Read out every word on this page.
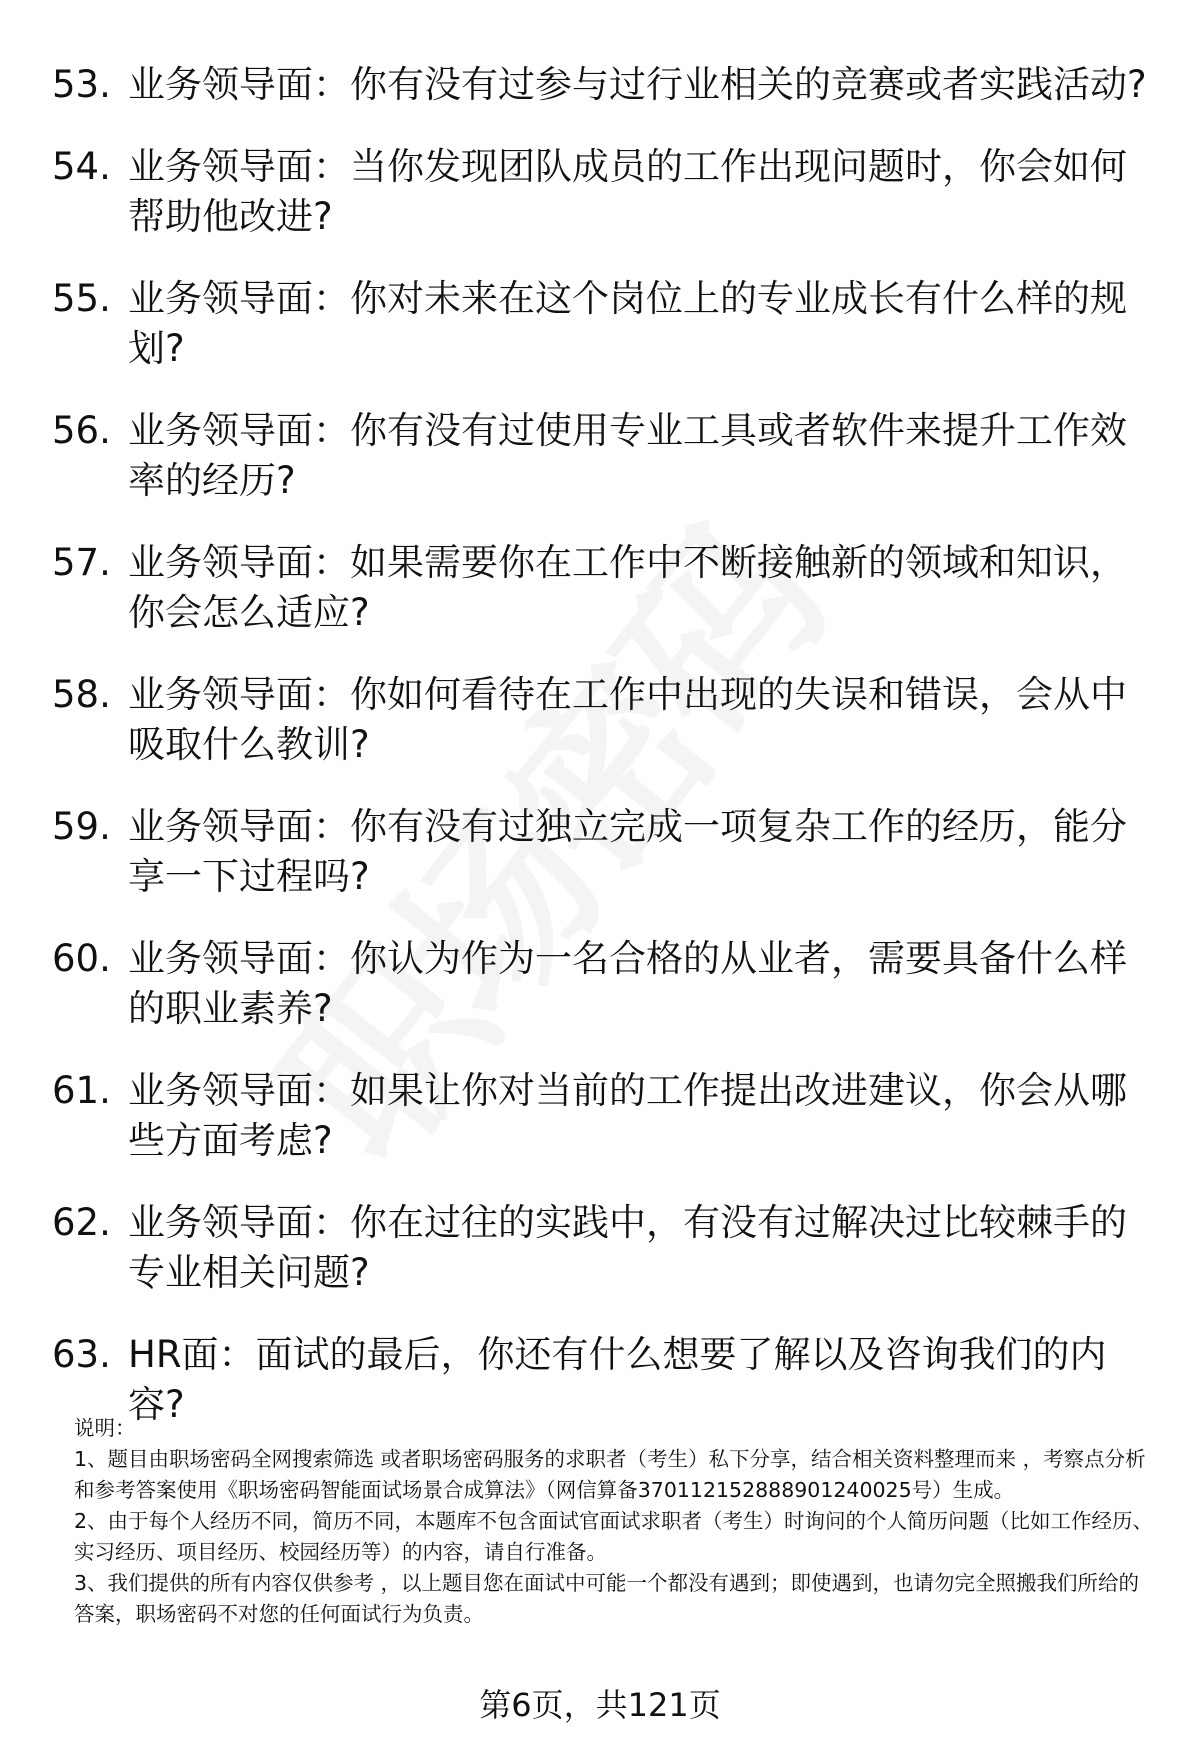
53. 业务领导面：你有没有过参与过行业相关的竞赛或者实践活动?
54. 业务领导面：当你发现团队成员的工作出现问题时，你会如何帮助他改进?
55. 业务领导面：你对未来在这个岗位上的专业成长有什么样的规划?
56. 业务领导面：你有没有过使用专业工具或者软件来提升工作效率的经历?
57. 业务领导面：如果需要你在工作中不断接触新的领域和知识，你会怎么适应?
58. 业务领导面：你如何看待在工作中出现的失误和错误，会从中吸取什么教训?
59. 业务领导面：你有没有过独立完成一项复杂工作的经历，能分享一下过程吗?
60. 业务领导面：你认为作为一名合格的从业者，需要具备什么样的职业素养?
61. 业务领导面：如果让你对当前的工作提出改进建议，你会从哪些方面考虑?
62. 业务领导面：你在过往的实践中，有没有过解决过比较棘手的专业相关问题?
63. HR面：面试的最后，你还有什么想要了解以及咨询我们的内容?

说明：

1、题目由职场密码全网搜索筛选 或者职场密码服务的求职者（考生）私下分享，结合相关资料整理而来 ，考察点分析和参考答案使用《职场密码智能面试场景合成算法》（网信算备370112152888901240025号）生成。

2、由于每个人经历不同，简历不同，本题库不包含面试官面试求职者（考生）时询问的个人简历问题（比如工作经历、实习经历、项目经历、校园经历等）的内容，请自行准备。

3、我们提供的所有内容仅供参考 ，以上题目您在面试中可能一个都没有遇到；即使遇到，也请勿完全照搬我们所给的答案，职场密码不对您的任何面试行为负责。

第6页，共121页
